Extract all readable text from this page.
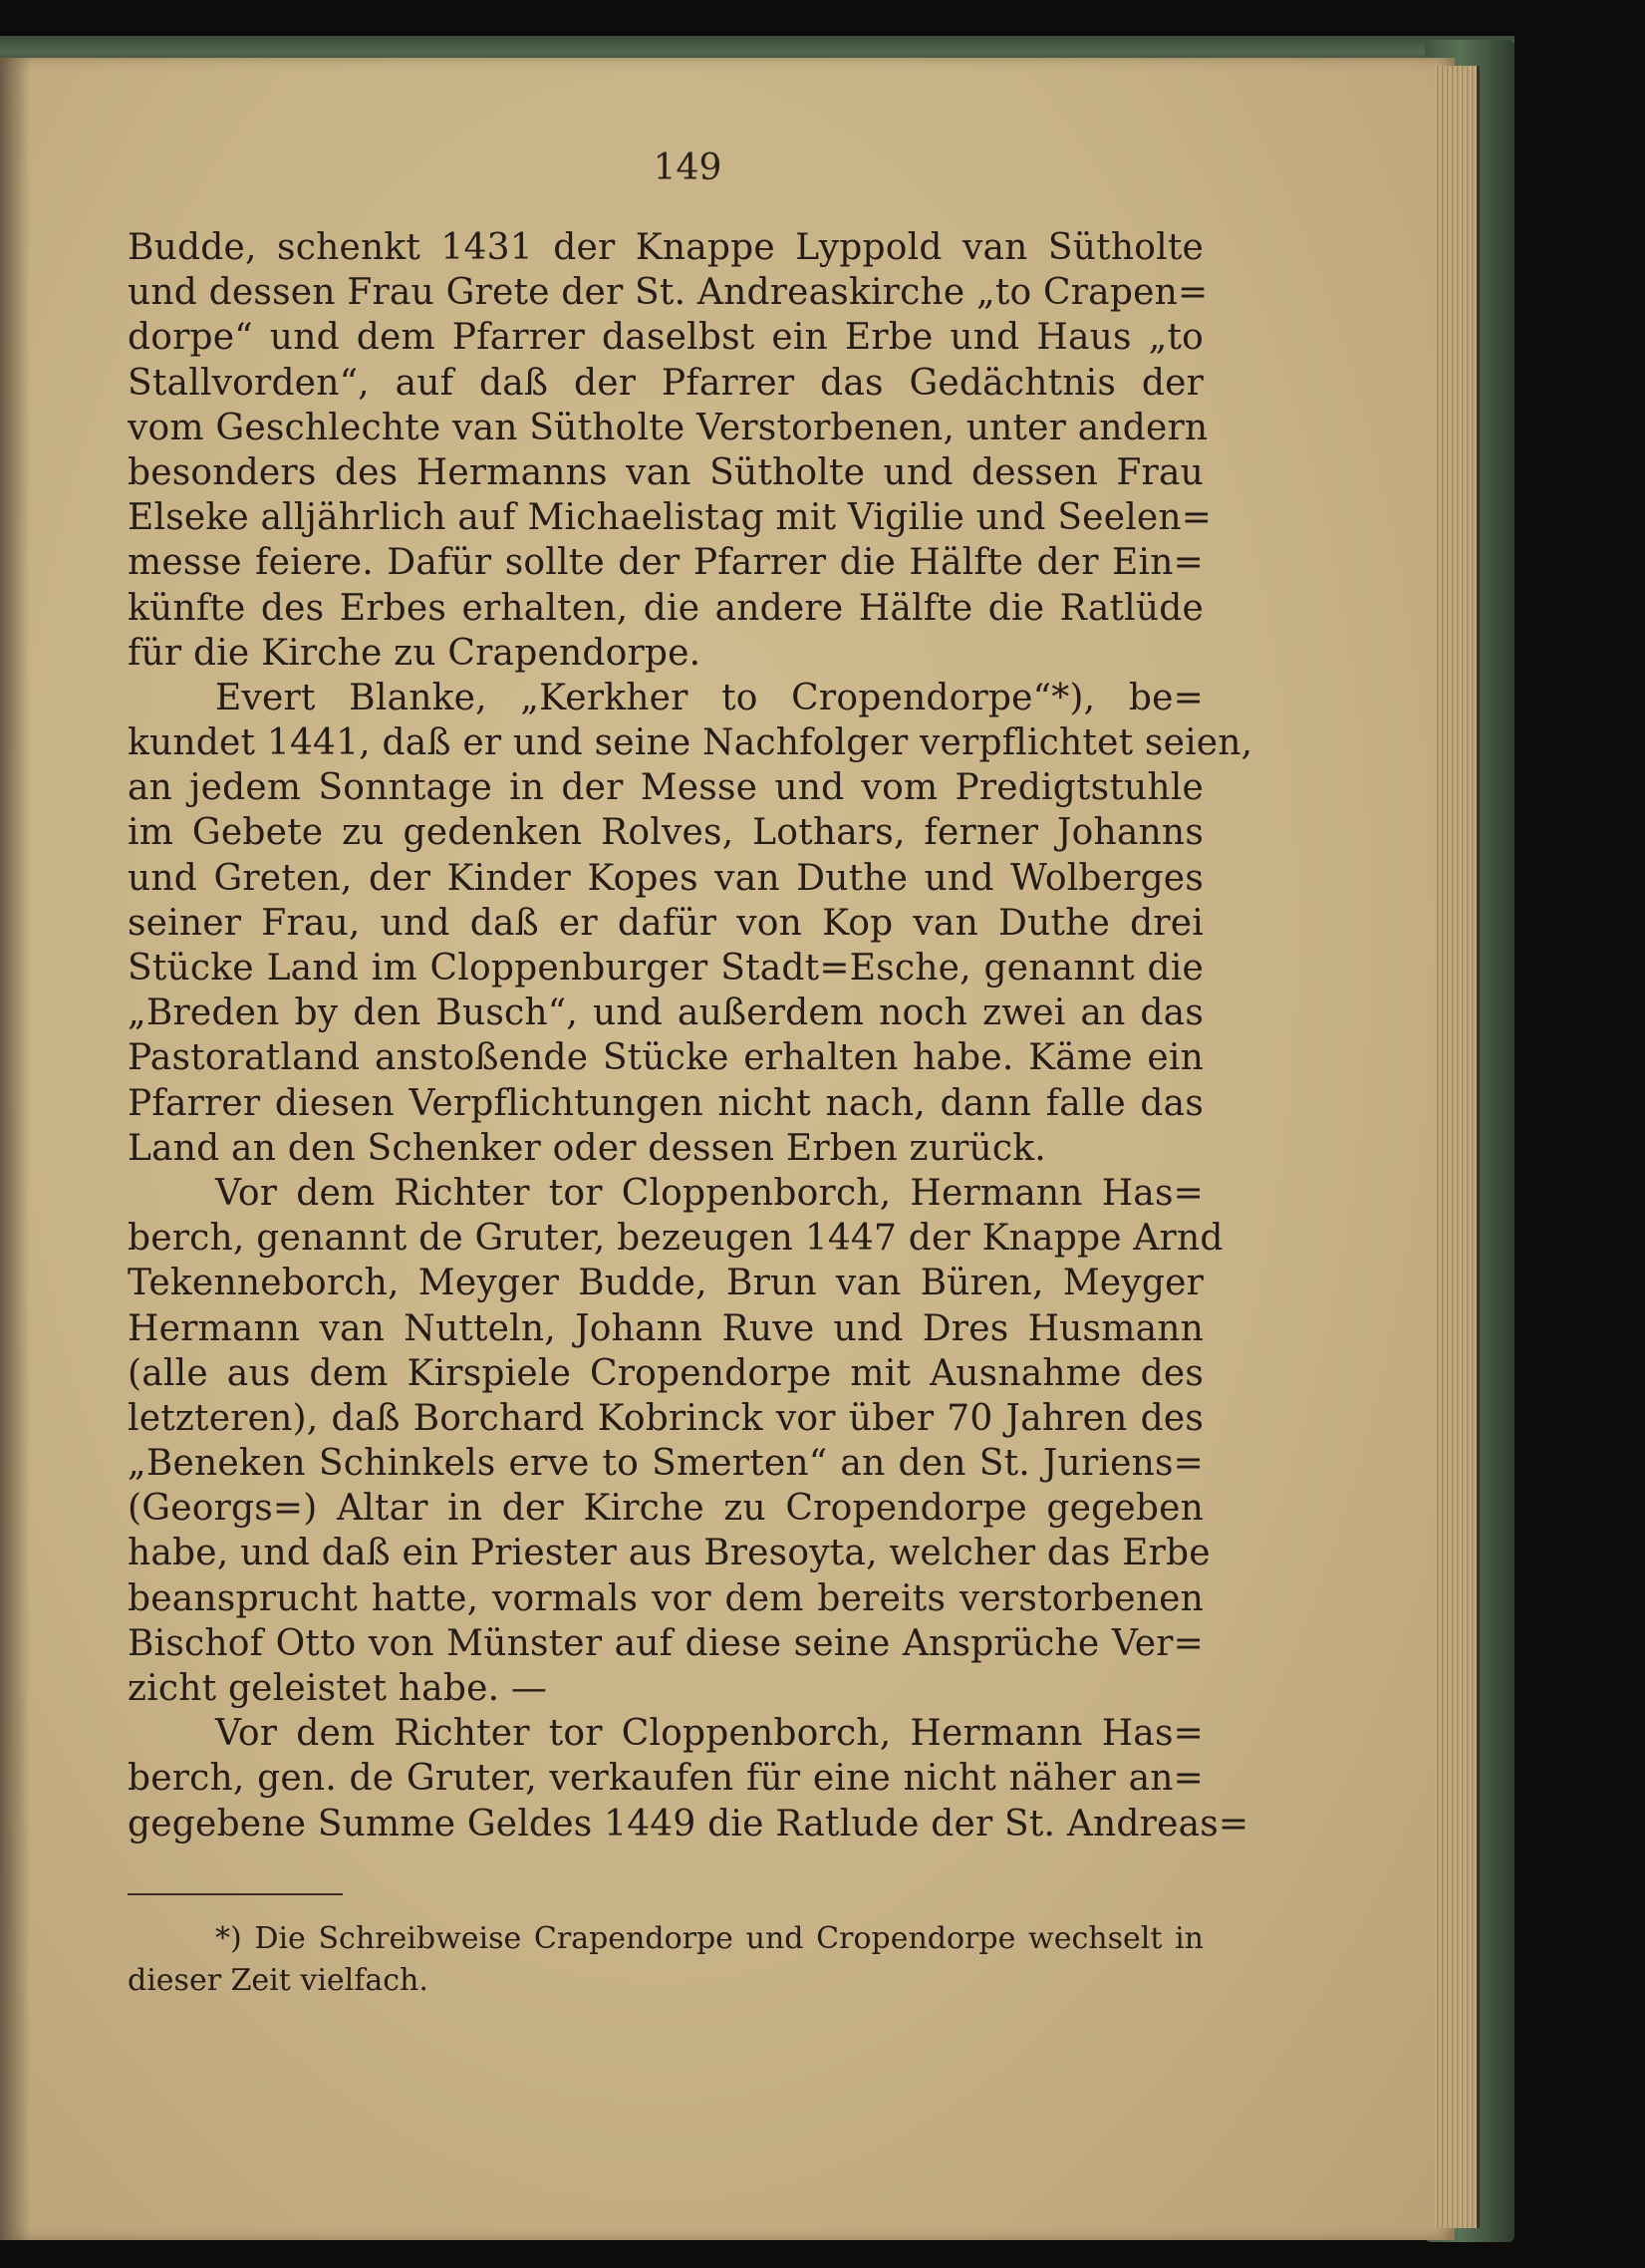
149
Budde, schenkt 1431 der Knappe Lyppold van Sütholte
und dessen Frau Grete der St. Andreaskirche „to Crapen=
dorpe“ und dem Pfarrer daselbst ein Erbe und Haus „to
Stallvorden“, auf daß der Pfarrer das Gedächtnis der
vom Geschlechte van Sütholte Verstorbenen, unter andern
besonders des Hermanns van Sütholte und dessen Frau
Elseke alljährlich auf Michaelistag mit Vigilie und Seelen=
messe feiere. Dafür sollte der Pfarrer die Hälfte der Ein=
künfte des Erbes erhalten, die andere Hälfte die Ratlüde
für die Kirche zu Crapendorpe.
Evert Blanke, „Kerkher to Cropendorpe“*), be=
kundet 1441, daß er und seine Nachfolger verpflichtet seien,
an jedem Sonntage in der Messe und vom Predigtstuhle
im Gebete zu gedenken Rolves, Lothars, ferner Johanns
und Greten, der Kinder Kopes van Duthe und Wolberges
seiner Frau, und daß er dafür von Kop van Duthe drei
Stücke Land im Cloppenburger Stadt=Esche, genannt die
„Breden by den Busch“, und außerdem noch zwei an das
Pastoratland anstoßende Stücke erhalten habe. Käme ein
Pfarrer diesen Verpflichtungen nicht nach, dann falle das
Land an den Schenker oder dessen Erben zurück.
Vor dem Richter tor Cloppenborch, Hermann Has=
berch, genannt de Gruter, bezeugen 1447 der Knappe Arnd
Tekenneborch, Meyger Budde, Brun van Büren, Meyger
Hermann van Nutteln, Johann Ruve und Dres Husmann
(alle aus dem Kirspiele Cropendorpe mit Ausnahme des
letzteren), daß Borchard Kobrinck vor über 70 Jahren des
„Beneken Schinkels erve to Smerten“ an den St. Juriens=
(Georgs=) Altar in der Kirche zu Cropendorpe gegeben
habe, und daß ein Priester aus Bresoyta, welcher das Erbe
beansprucht hatte, vormals vor dem bereits verstorbenen
Bischof Otto von Münster auf diese seine Ansprüche Ver=
zicht geleistet habe. —
Vor dem Richter tor Cloppenborch, Hermann Has=
berch, gen. de Gruter, verkaufen für eine nicht näher an=
gegebene Summe Geldes 1449 die Ratlude der St. Andreas=
*) Die Schreibweise Crapendorpe und Cropendorpe wechselt in
dieser Zeit vielfach.
